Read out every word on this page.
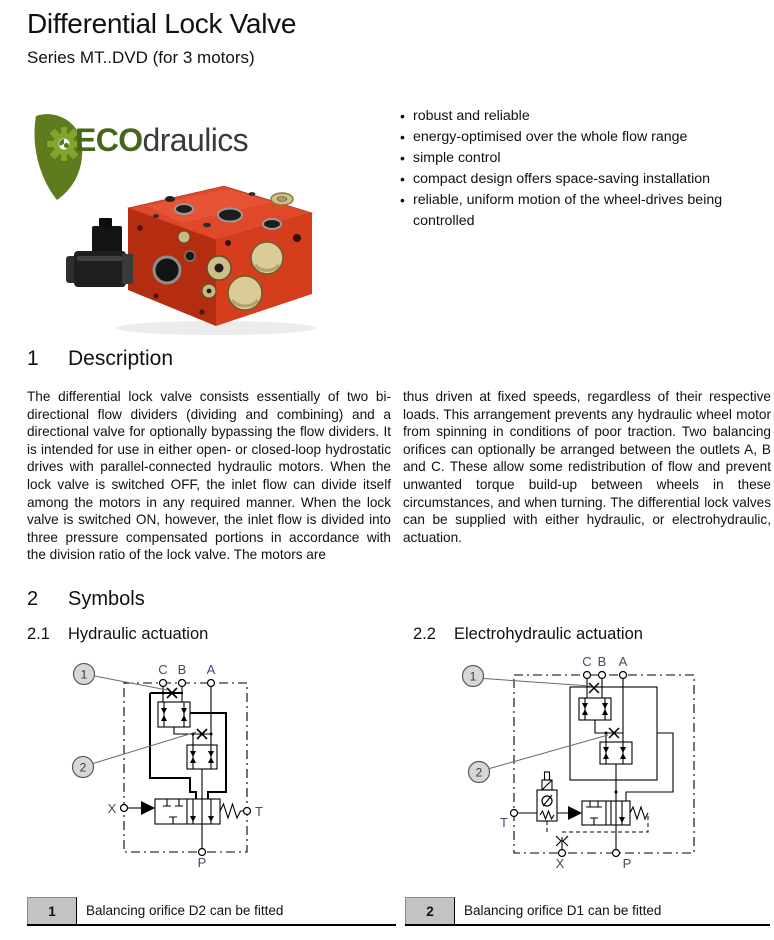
Differential Lock Valve
Series MT..DVD (for 3 motors)
ECOdraulics
• robust and reliable
• energy-optimised over the whole flow range
• simple control
• compact design offers space-saving installation
• reliable, uniform motion of the wheel-drives being controlled
1	Description
The differential lock valve consists essentially of two bi-directional flow dividers (dividing and combining) and a directional valve for optionally bypassing the flow dividers. It is intended for use in either open- or closed-loop hydrostatic drives with parallel-connected hydraulic motors. When the lock valve is switched OFF, the inlet flow can divide itself among the motors in any required manner. When the lock valve is switched ON, however, the inlet flow is divided into three pressure compensated portions in accordance with the division ratio of the lock valve. The motors are
thus driven at fixed speeds, regardless of their respective loads. This arrangement prevents any hydraulic wheel motor from spinning in conditions of poor traction. Two balancing orifices can optionally be arranged between the outlets A, B and C. These allow some redistribution of flow and prevent unwanted torque build-up between wheels in these circumstances, and when turning. The differential lock valves can be supplied with either hydraulic, or electrohydraulic, actuation.
2	Symbols
2.1	Hydraulic actuation	2.2	Electrohydraulic actuation
C B A
X	T
P
1
2
C B A
T
X	P
1
2
1	Balancing orifice D2 can be fitted	2	Balancing orifice D1 can be fitted
